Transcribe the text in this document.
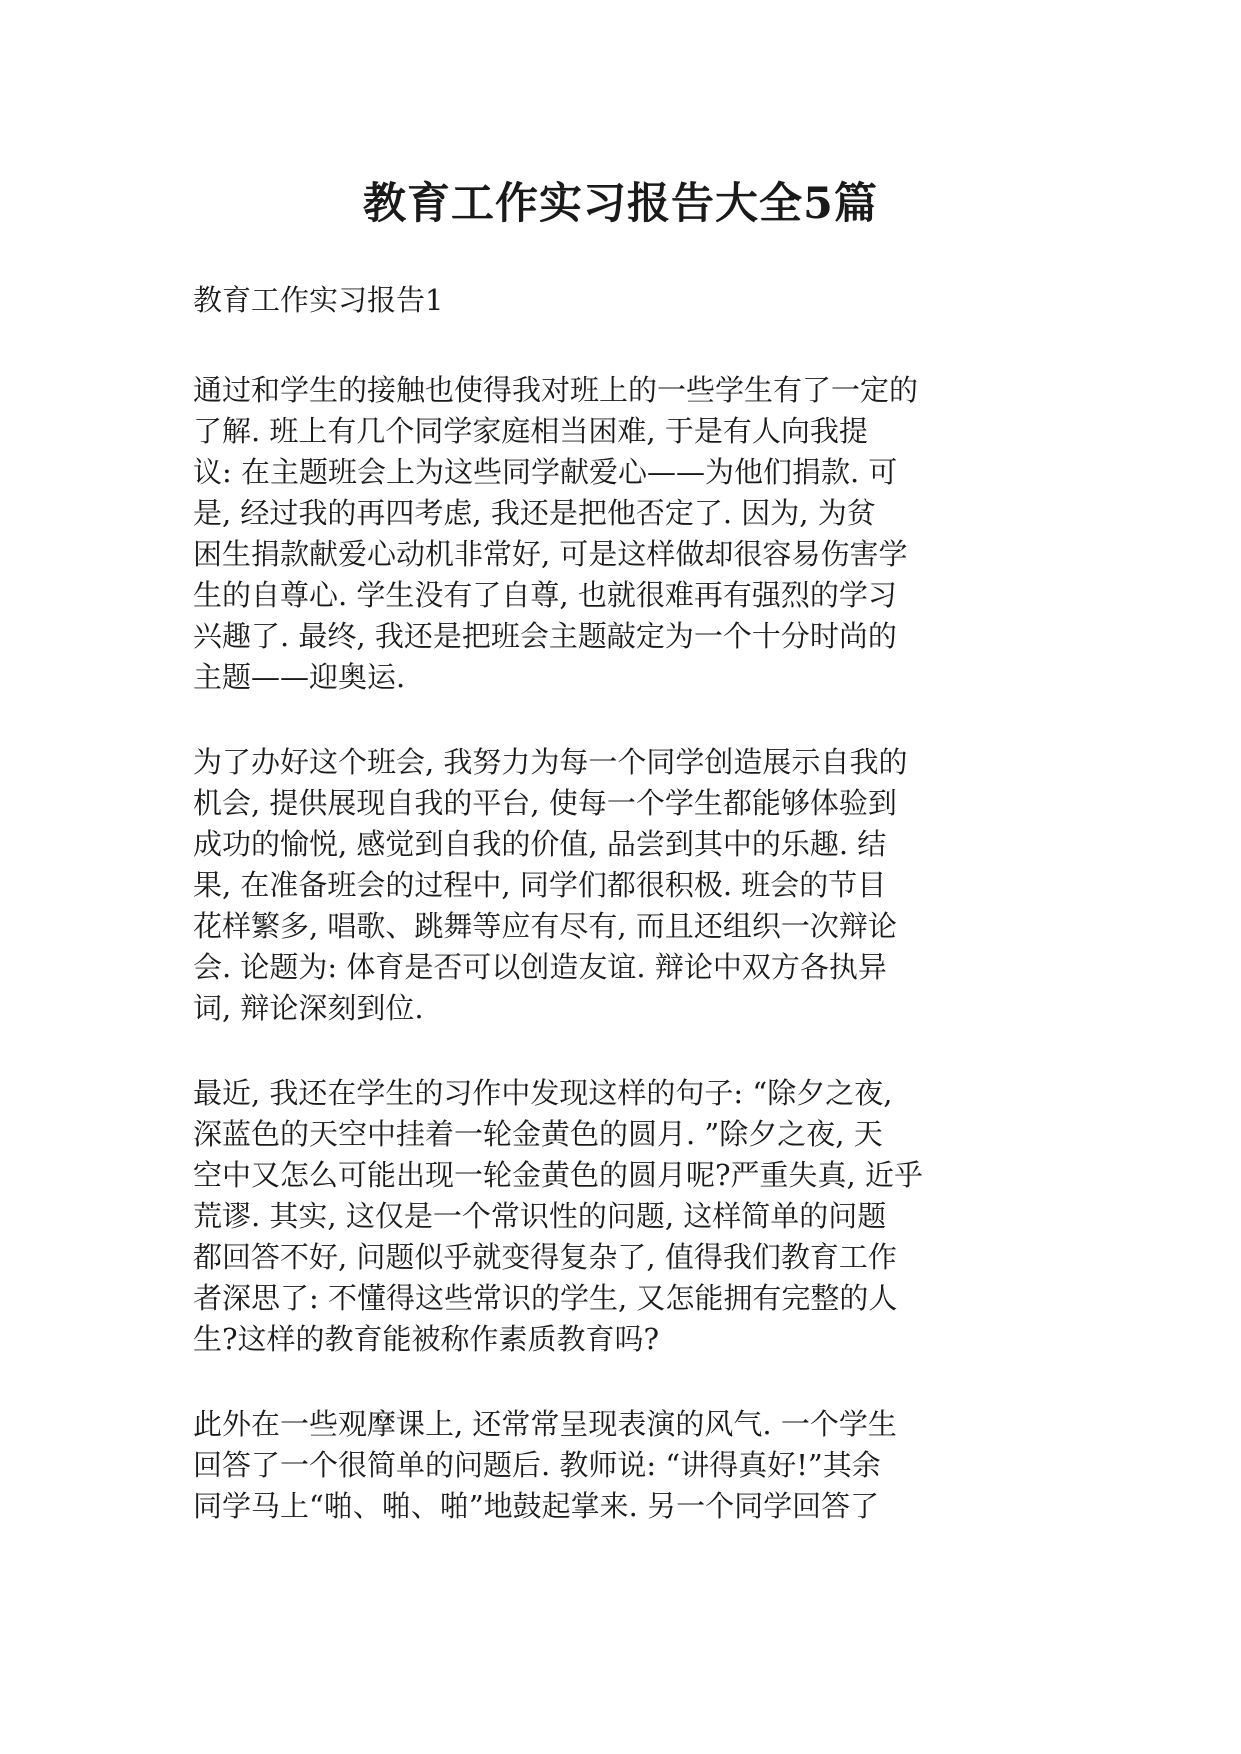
教育工作实习报告大全5篇
教育工作实习报告1
通过和学生的接触也使得我对班上的一些学生有了一定的
了解. 班上有几个同学家庭相当困难, 于是有人向我提
议: 在主题班会上为这些同学献爱心——为他们捐款. 可
是, 经过我的再四考虑, 我还是把他否定了. 因为, 为贫
困生捐款献爱心动机非常好, 可是这样做却很容易伤害学
生的自尊心. 学生没有了自尊, 也就很难再有强烈的学习
兴趣了. 最终, 我还是把班会主题敲定为一个十分时尚的
主题——迎奥运.
为了办好这个班会, 我努力为每一个同学创造展示自我的
机会, 提供展现自我的平台, 使每一个学生都能够体验到
成功的愉悦, 感觉到自我的价值, 品尝到其中的乐趣. 结
果, 在准备班会的过程中, 同学们都很积极. 班会的节目
花样繁多, 唱歌、跳舞等应有尽有, 而且还组织一次辩论
会. 论题为: 体育是否可以创造友谊. 辩论中双方各执异
词, 辩论深刻到位.
最近, 我还在学生的习作中发现这样的句子: “除夕之夜,
深蓝色的天空中挂着一轮金黄色的圆月. ”除夕之夜, 天
空中又怎么可能出现一轮金黄色的圆月呢?严重失真, 近乎
荒谬. 其实, 这仅是一个常识性的问题, 这样简单的问题
都回答不好, 问题似乎就变得复杂了, 值得我们教育工作
者深思了: 不懂得这些常识的学生, 又怎能拥有完整的人
生?这样的教育能被称作素质教育吗?
此外在一些观摩课上, 还常常呈现表演的风气. 一个学生
回答了一个很简单的问题后. 教师说: “讲得真好!”其余
同学马上“啪、啪、啪”地鼓起掌来. 另一个同学回答了
